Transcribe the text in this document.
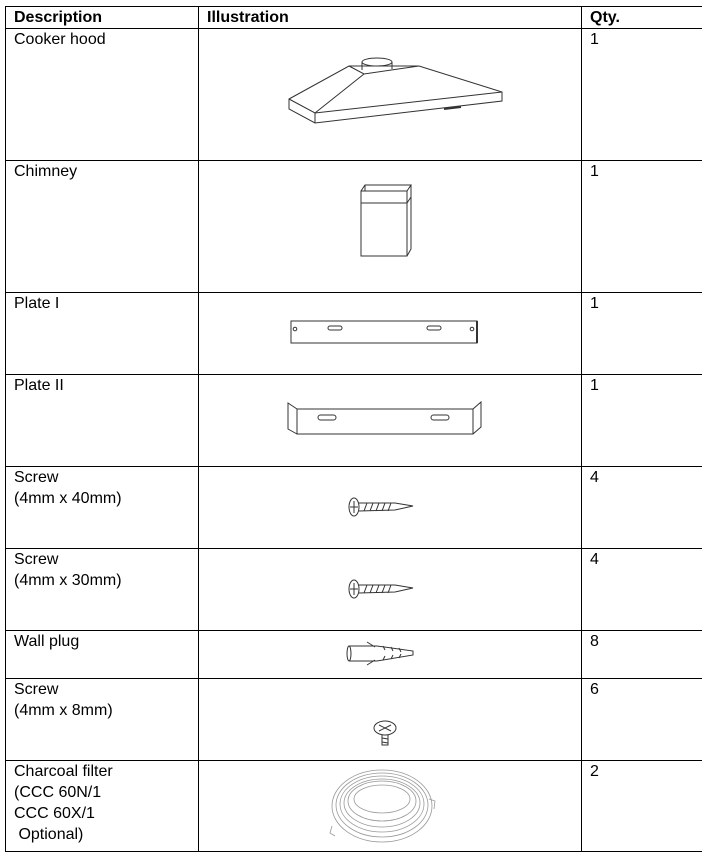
Description	Illustration	Qty.

Cooker hood		1

Chimney		1

Plate I		1

Plate II		1

Screw
(4mm x 40mm)		4

Screw
(4mm x 30mm)		4

Wall plug		8

Screw
(4mm x 8mm)		6

Charcoal filter
(CCC 60N/1
CCC 60X/1
Optional)		2
